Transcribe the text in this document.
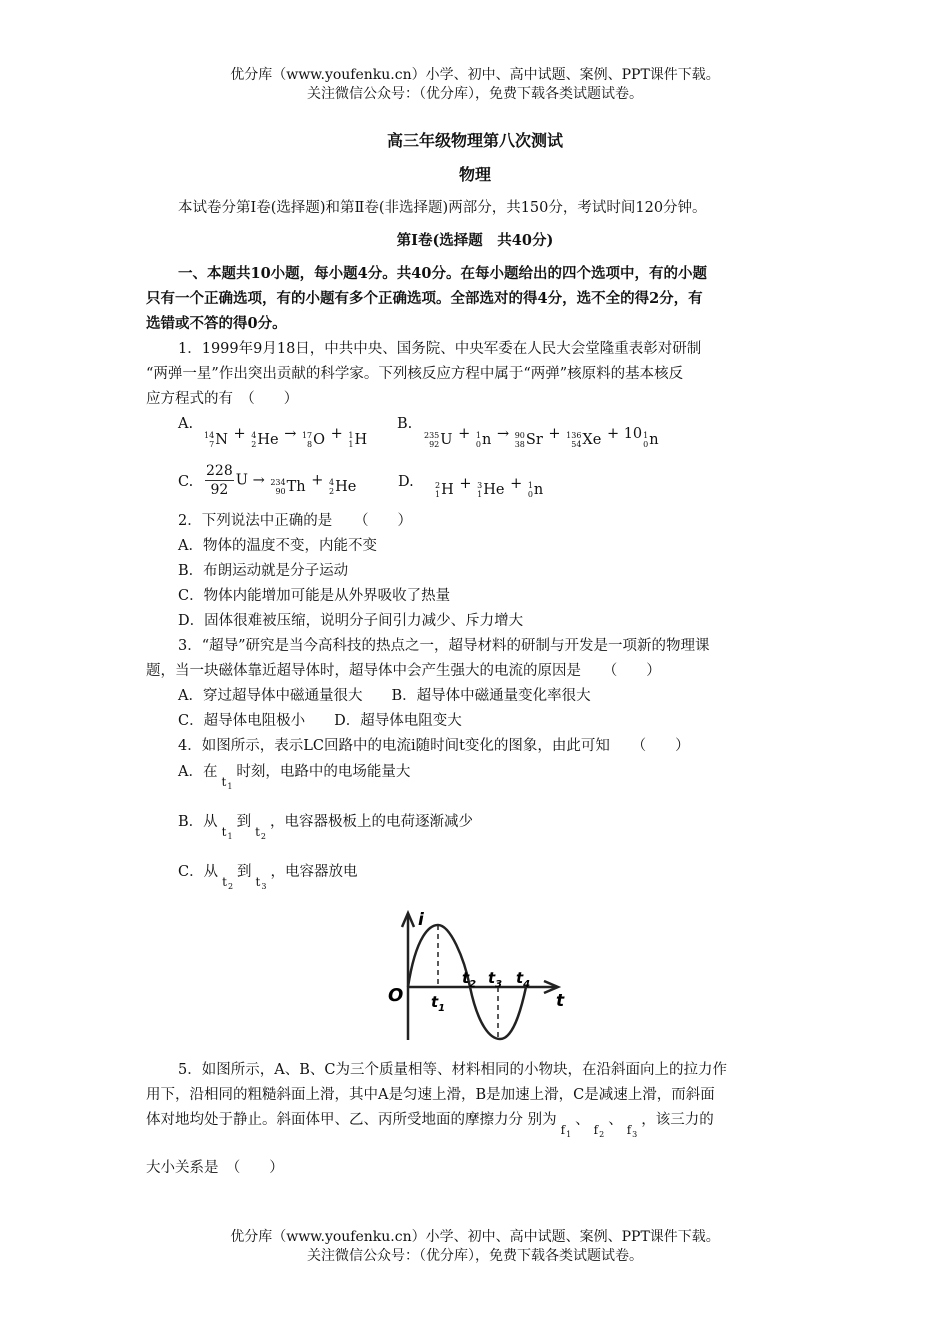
优分库（www.youfenku.cn）小学、初中、高中试题、案例、PPT课件下载。
关注微信公众号：（优分库），免费下载各类试题试卷。
高三年级物理第八次测试
物理
本试卷分第Ⅰ卷(选择题)和第Ⅱ卷(非选择题)两部分，共150分，考试时间120分钟。
第Ⅰ卷(选择题　共40分)
一、本题共10小题，每小题4分。共40分。在每小题给出的四个选项中，有的小题
只有一个正确选项，有的小题有多个正确选项。全部选对的得4分，选不全的得2分，有
选错或不答的得0分。
1．1999年9月18日，中共中央、国务院、中央军委在人民大会堂隆重表彰对研制
“两弹一星”作出突出贡献的科学家。下列核反应方程中属于“两弹”核原料的基本核反
应方程式的有　（　　）
A.
14
7 N + 4
2 He → 17
8 O + 1
1 H
B.
235
92 U + 1
0 n → 90
38 Sr + 136
54 Xe + 10 1
0 n
C. $\frac{228}{92}$ U → 234
90 Th + 4
2 He	D.	2
1 H + 3
1 He + 1
0 n
2．下列说法中正确的是　　（　　）
A．物体的温度不变，内能不变
B．布朗运动就是分子运动
C．物体内能增加可能是从外界吸收了热量
D．固体很难被压缩，说明分子间引力减少、斥力增大
3．“超导”研究是当今高科技的热点之一，超导材料的研制与开发是一项新的物理课
题，当一块磁体靠近超导体时，超导体中会产生强大的电流的原因是　　（　　）
A．穿过超导体中磁通量很大　　B．超导体中磁通量变化率很大
C．超导体电阻极小　　D．超导体电阻变大
4．如图所示，表示LC回路中的电流i随时间t变化的图象，由此可知　　（　　）
A．在$t_1$时刻，电路中的电场能量大
B．从$t_1$到$t_2$，电容器极板上的电荷逐渐减少
C．从$t_2$到$t_3$，电容器放电
i
t
O $t_1$
$t_2$ $t_3$ $t_4$
5．如图所示，A、B、C为三个质量相等、材料相同的小物块，在沿斜面向上的拉力作
用下，沿相同的粗糙斜面上滑，其中A是匀速上滑，B是加速上滑，C是减速上滑，而斜面
体对地均处于静止。斜面体甲、乙、丙所受地面的摩擦力分 别为$f_1$、$f_2$、$f_3$，该三力的
大小关系是　（　　）
优分库（www.youfenku.cn）小学、初中、高中试题、案例、PPT课件下载。
关注微信公众号：（优分库），免费下载各类试题试卷。
